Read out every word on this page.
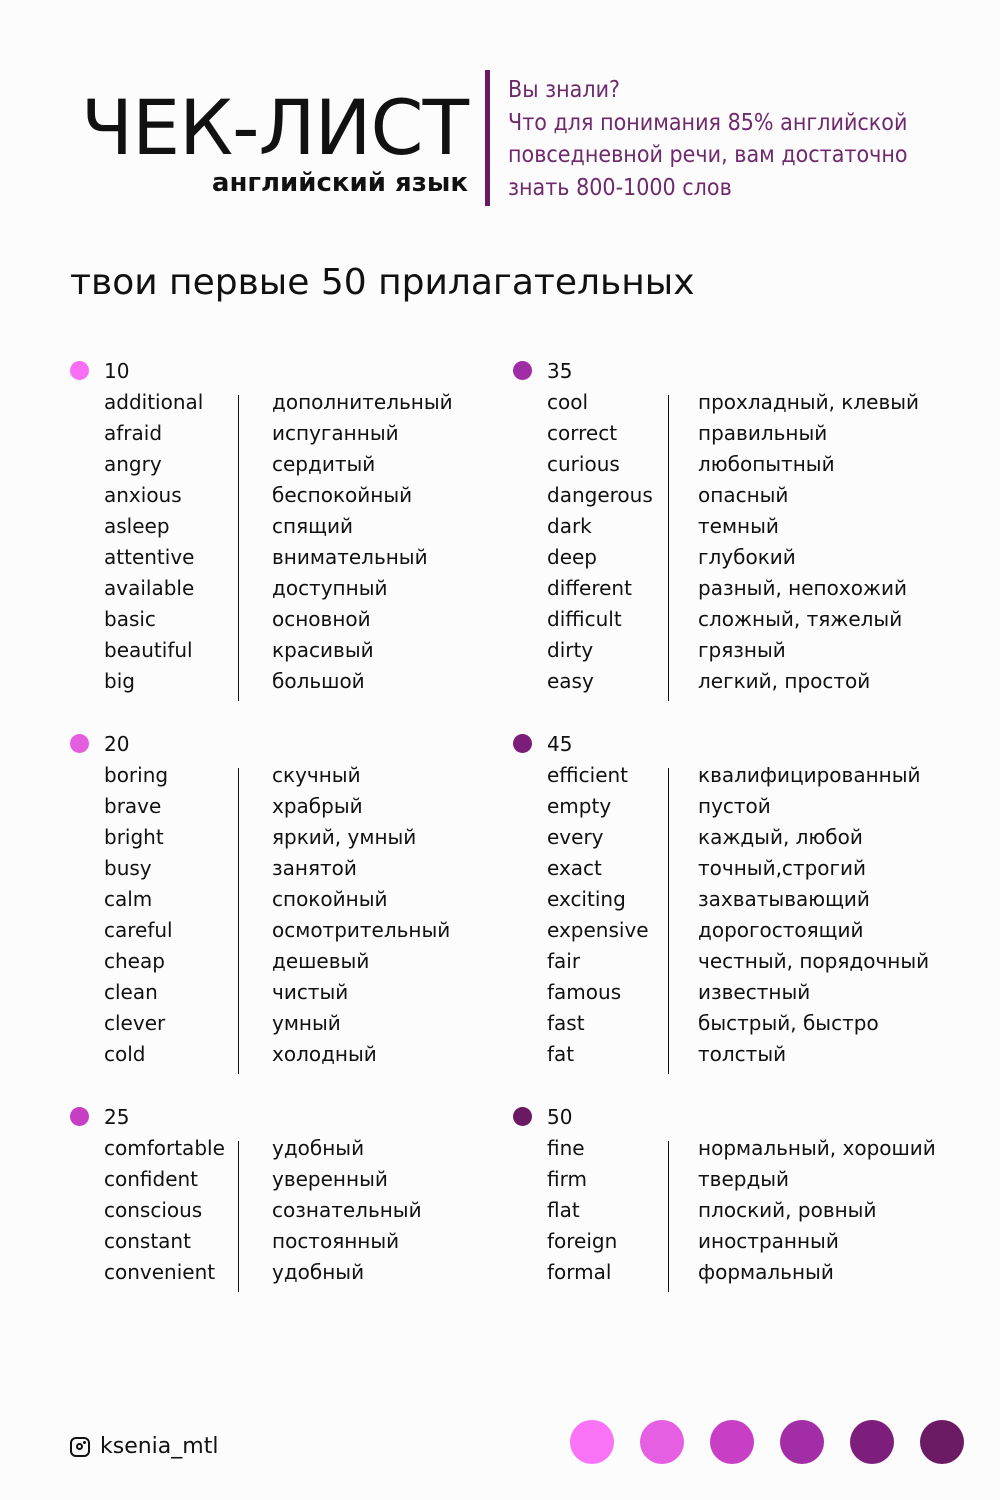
ЧЕК-ЛИСТ
английский язык
Вы знали?
Что для понимания 85% английской
повседневной речи, вам достаточно
знать 800-1000 слов
твои первые 50 прилагательных
10
additional	дополнительный
afraid	испуганный
angry	сердитый
anxious	беспокойный
asleep	спящий
attentive	внимательный
available	доступный
basic	основной
beautiful	красивый
big	большой
20
boring	скучный
brave	храбрый
bright	яркий, умный
busy	занятой
calm	спокойный
careful	осмотрительный
cheap	дешевый
clean	чистый
clever	умный
cold	холодный
25
comfortable	удобный
confident	уверенный
conscious	сознательный
constant	постоянный
convenient	удобный
35
cool	прохладный, клевый
correct	правильный
curious	любопытный
dangerous	опасный
dark	темный
deep	глубокий
different	разный, непохожий
difficult	сложный, тяжелый
dirty	грязный
easy	легкий, простой
45
efficient	квалифицированный
empty	пустой
every	каждый, любой
exact	точный,строгий
exciting	захватывающий
expensive	дорогостоящий
fair	честный, порядочный
famous	известный
fast	быстрый, быстро
fat	толстый
50
fine	нормальный, хороший
firm	твердый
flat	плоский, ровный
foreign	иностранный
formal	формальный
ksenia_mtl
